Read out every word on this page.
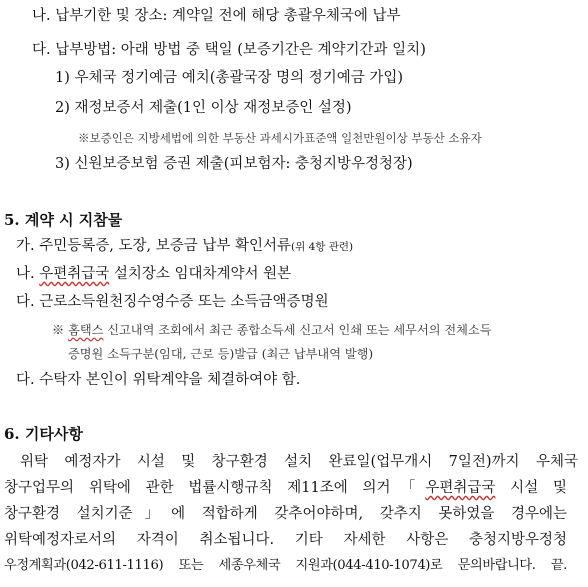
나. 납부기한 및 장소: 계약일 전에 해당 총괄우체국에 납부
다. 납부방법: 아래 방법 중 택일 (보증기간은 계약기간과 일치)
1) 우체국 정기예금 예치(총괄국장 명의 정기예금 가입)
2) 재정보증서 제출(1인 이상 재정보증인 설정)
※보증인은 지방세법에 의한 부동산 과세시가표준액 일천만원이상 부동산 소유자
3) 신원보증보험 증권 제출(피보험자: 충청지방우정청장)
5. 계약 시 지참물
가. 주민등록증, 도장, 보증금 납부 확인서류(위 4항 관련)
나. 우편취급국 설치장소 임대차계약서 원본
다. 근로소득원천징수영수증 또는 소득금액증명원
※ 홈택스 신고내역 조회에서 최근 종합소득세 신고서 인쇄 또는 세무서의 전체소득
증명원 소득구분(임대, 근로 등)발급 (최근 납부내역 발행)
다. 수탁자 본인이 위탁계약을 체결하여야 함.
6. 기타사항
위탁 예정자가 시설 및 창구환경 설치 완료일(업무개시 7일전)까지 우체국
창구업무의 위탁에 관한 법률시행규칙 제11조에 의거「우편취급국 시설 및
창구환경 설치기준」에 적합하게 갖추어야하며, 갖추지 못하였을 경우에는
위탁예정자로서의 자격이 취소됩니다. 기타 자세한 사항은 충청지방우정청
우정계획과(042-611-1116) 또는 세종우체국 지원과(044-410-1074)로 문의바랍니다. 끝.
